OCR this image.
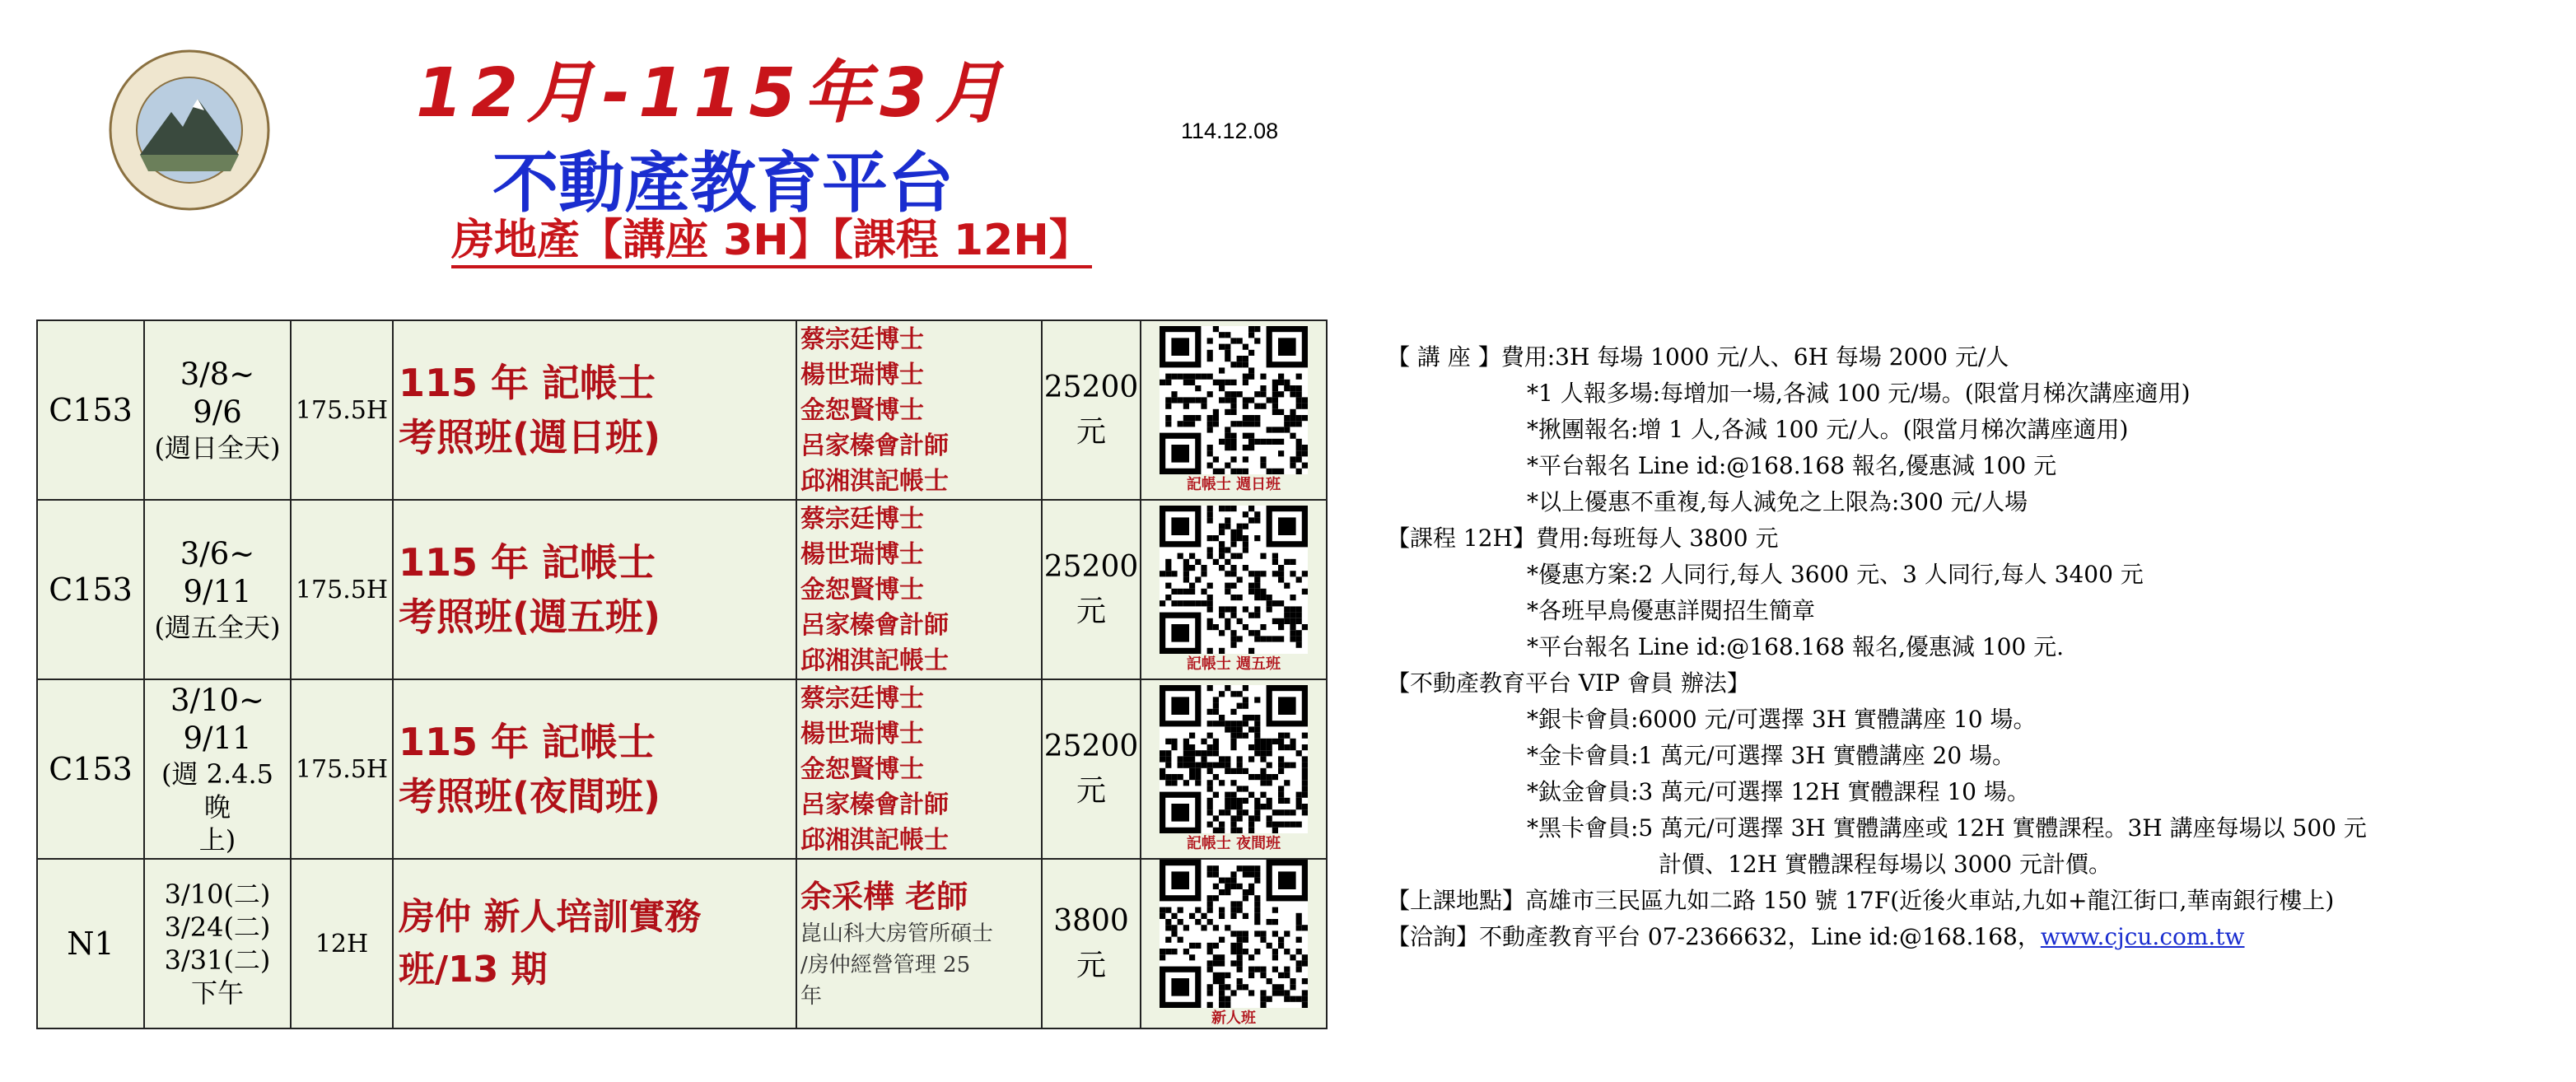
12月-115年3月
不動產教育平台
房地產【講座 3H】【課程 12H】
114.12.08
C153	3/8~
9/6
(週日全天)	175.5H	115 年 記帳士
考照班(週日班)	蔡宗廷博士
楊世瑞博士
金恕賢博士
呂家榛會計師
邱湘淇記帳士	25200
元	記帳士 週日班

C153	3/6~
9/11
(週五全天)	175.5H	115 年 記帳士
考照班(週五班)	蔡宗廷博士
楊世瑞博士
金恕賢博士
呂家榛會計師
邱湘淇記帳士	25200
元	記帳士 週五班

C153	3/10~
9/11
(週 2.4.5 晚
上)	175.5H	115 年 記帳士
考照班(夜間班)	蔡宗廷博士
楊世瑞博士
金恕賢博士
呂家榛會計師
邱湘淇記帳士	25200
元	記帳士 夜間班

N1	3/10(二)
3/24(二)
3/31(二)
下午	12H	房仲 新人培訓實務
班/13 期	余采樺 老師
崑山科大房管所碩士
/房仲經營管理 25
年	3800
元	新人班
【 講 座 】費用:3H 每場 1000 元/人、6H 每場 2000 元/人
*1 人報多場:每增加一場,各減 100 元/場。(限當月梯次講座適用)
*揪團報名:增 1 人,各減 100 元/人。(限當月梯次講座適用)
*平台報名 Line id:@168.168 報名,優惠減 100 元
*以上優惠不重複,每人減免之上限為:300 元/人場
【課程 12H】費用:每班每人 3800 元
*優惠方案:2 人同行,每人 3600 元、3 人同行,每人 3400 元
*各班早鳥優惠詳閱招生簡章
*平台報名 Line id:@168.168 報名,優惠減 100 元.
【不動產教育平台 VIP 會員 辦法】
*銀卡會員:6000 元/可選擇 3H 實體講座 10 場。
*金卡會員:1 萬元/可選擇 3H 實體講座 20 場。
*鈦金會員:3 萬元/可選擇 12H 實體課程 10 場。
*黑卡會員:5 萬元/可選擇 3H 實體講座或 12H 實體課程。3H 講座每場以 500 元
計價、12H 實體課程每場以 3000 元計價。
【上課地點】高雄市三民區九如二路 150 號 17F(近後火車站,九如+龍江街口,華南銀行樓上)
【洽詢】不動產教育平台 07-2366632，Line id:@168.168，www.cjcu.com.tw
